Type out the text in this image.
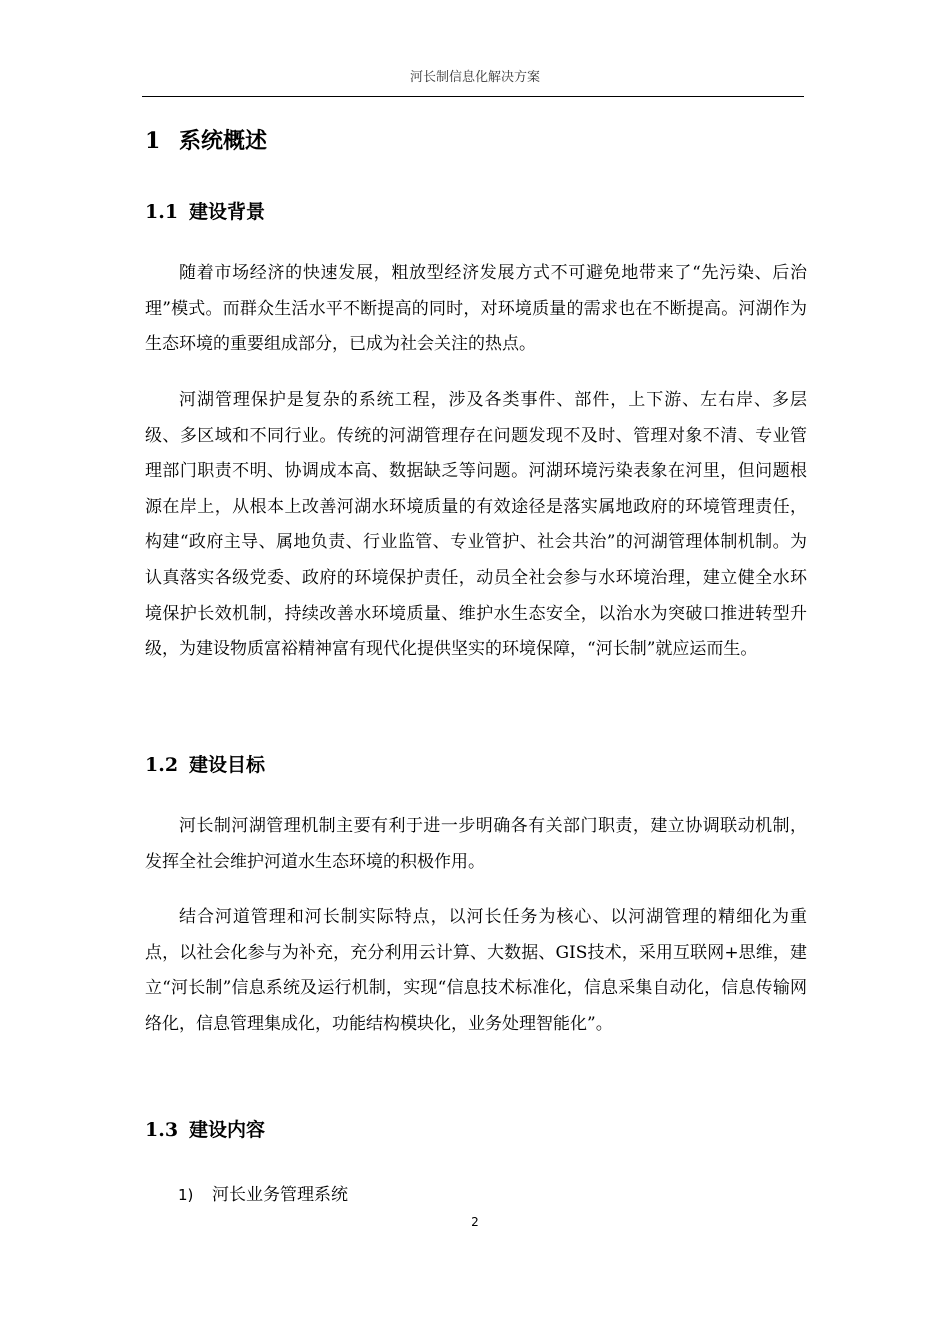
河长制信息化解决方案
1 系统概述
1.1 建设背景

随着市场经济的快速发展，粗放型经济发展方式不可避免地带来了“先污染、后治理”模式。而群众生活水平不断提高的同时，对环境质量的需求也在不断提高。河湖作为生态环境的重要组成部分，已成为社会关注的热点。

河湖管理保护是复杂的系统工程，涉及各类事件、部件，上下游、左右岸、多层级、多区域和不同行业。传统的河湖管理存在问题发现不及时、管理对象不清、专业管理部门职责不明、协调成本高、数据缺乏等问题。河湖环境污染表象在河里，但问题根源在岸上，从根本上改善河湖水环境质量的有效途径是落实属地政府的环境管理责任，构建“政府主导、属地负责、行业监管、专业管护、社会共治”的河湖管理体制机制。为认真落实各级党委、政府的环境保护责任，动员全社会参与水环境治理，建立健全水环境保护长效机制，持续改善水环境质量、维护水生态安全，以治水为突破口推进转型升级，为建设物质富裕精神富有现代化提供坚实的环境保障，“河长制”就应运而生。

1.2 建设目标

河长制河湖管理机制主要有利于进一步明确各有关部门职责，建立协调联动机制，发挥全社会维护河道水生态环境的积极作用。

结合河道管理和河长制实际特点，以河长任务为核心、以河湖管理的精细化为重点，以社会化参与为补充，充分利用云计算、大数据、GIS技术，采用互联网+思维，建立“河长制”信息系统及运行机制，实现“信息技术标准化，信息采集自动化，信息传输网络化，信息管理集成化，功能结构模块化，业务处理智能化”。

1.3 建设内容
1) 河长业务管理系统
2
